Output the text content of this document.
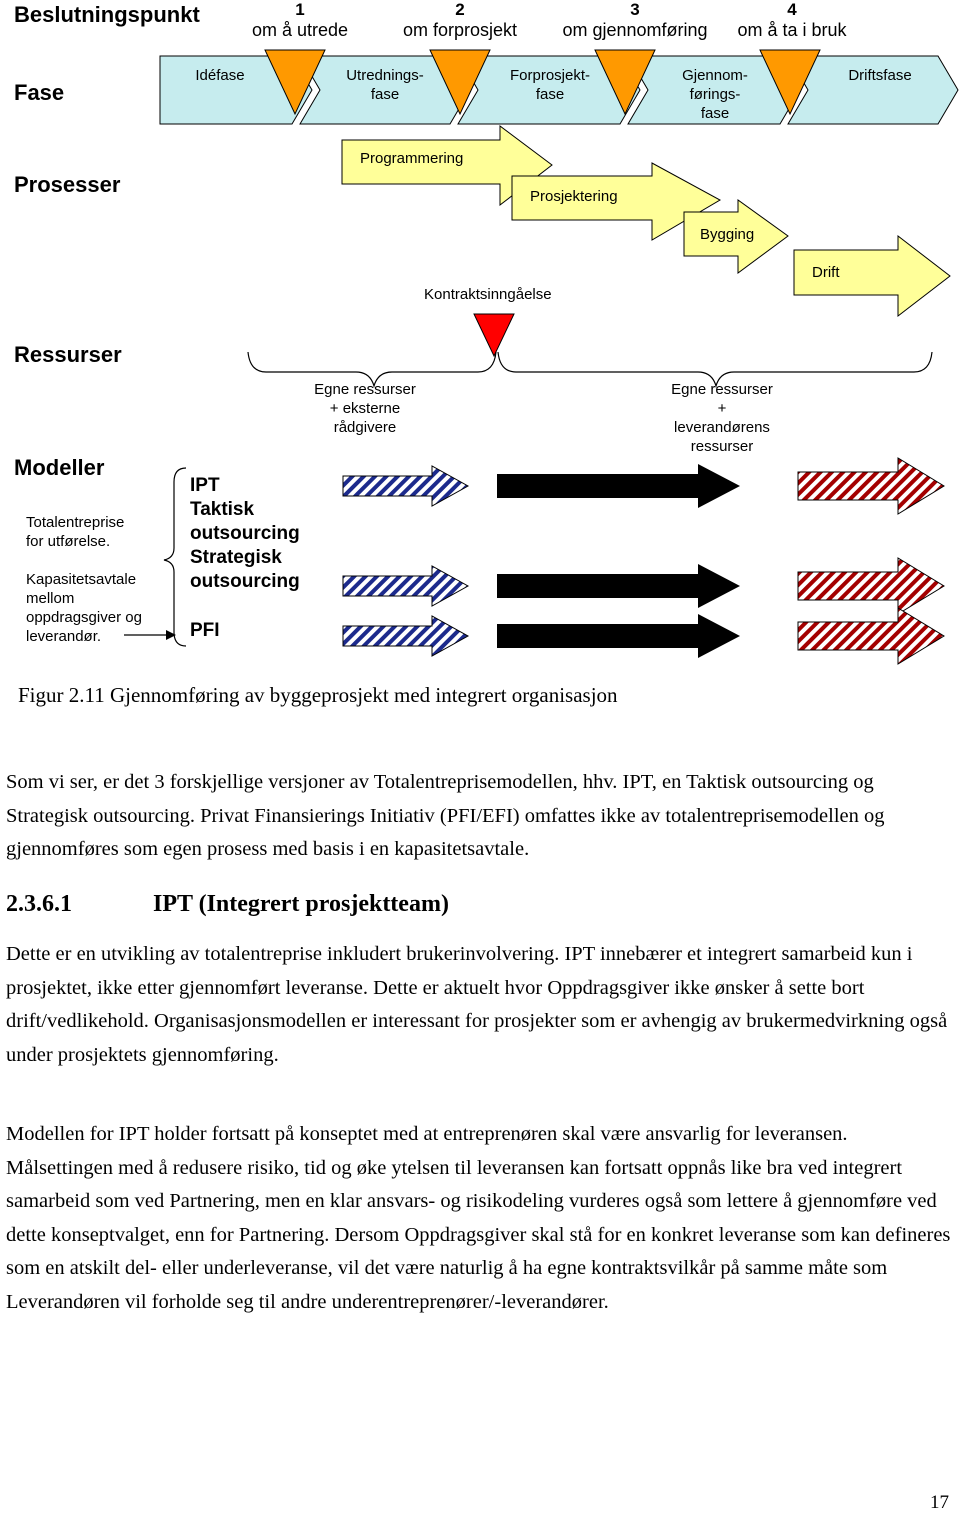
Beslutningspunkt
Fase
Prosesser
Ressurser
Modeller
1
om å utrede
2
om forprosjekt
3
om gjennomføring
4
om å ta i bruk
Idéfase	Utrednings-
fase
Forprosjekt-
fase
Gjennom-
førings-
fase
Driftsfase
Programmering
Prosjektering
Bygging
Drift
Kontraktsinngåelse
Egne ressurser
+ eksterne
rådgivere
Egne ressurser
+
leverandørens
ressurser
Totalentreprise
for utførelse.
Kapasitetsavtale
mellom
oppdragsgiver og
leverandør.
IPT
Taktisk
outsourcing
Strategisk
outsourcing
PFI
Figur 2.11 Gjennomføring av byggeprosjekt med integrert organisasjon

Som vi ser, er det 3 forskjellige versjoner av Totalentreprisemodellen, hhv. IPT, en Taktisk outsourcing og Strategisk outsourcing. Privat Finansierings Initiativ (PFI/EFI) omfattes ikke av totalentreprisemodellen og gjennomføres som egen prosess med basis i en kapasitetsavtale.

2.3.6.1	IPT (Integrert prosjektteam)

Dette er en utvikling av totalentreprise inkludert brukerinvolvering. IPT innebærer et integrert samarbeid kun i prosjektet, ikke etter gjennomført leveranse. Dette er aktuelt hvor Oppdragsgiver ikke ønsker å sette bort drift/vedlikehold. Organisasjonsmodellen er interessant for prosjekter som er avhengig av brukermedvirkning også under prosjektets gjennomføring.

Modellen for IPT holder fortsatt på konseptet med at entreprenøren skal være ansvarlig for leveransen. Målsettingen med å redusere risiko, tid og øke ytelsen til leveransen kan fortsatt oppnås like bra ved integrert samarbeid som ved Partnering, men en klar ansvars- og risikodeling vurderes også som lettere å gjennomføre ved dette konseptvalget, enn for Partnering. Dersom Oppdragsgiver skal stå for en konkret leveranse som kan defineres som en atskilt del- eller underleveranse, vil det være naturlig å ha egne kontraktsvilkår på samme måte som Leverandøren vil forholde seg til andre underentreprenører/-leverandører.

17
